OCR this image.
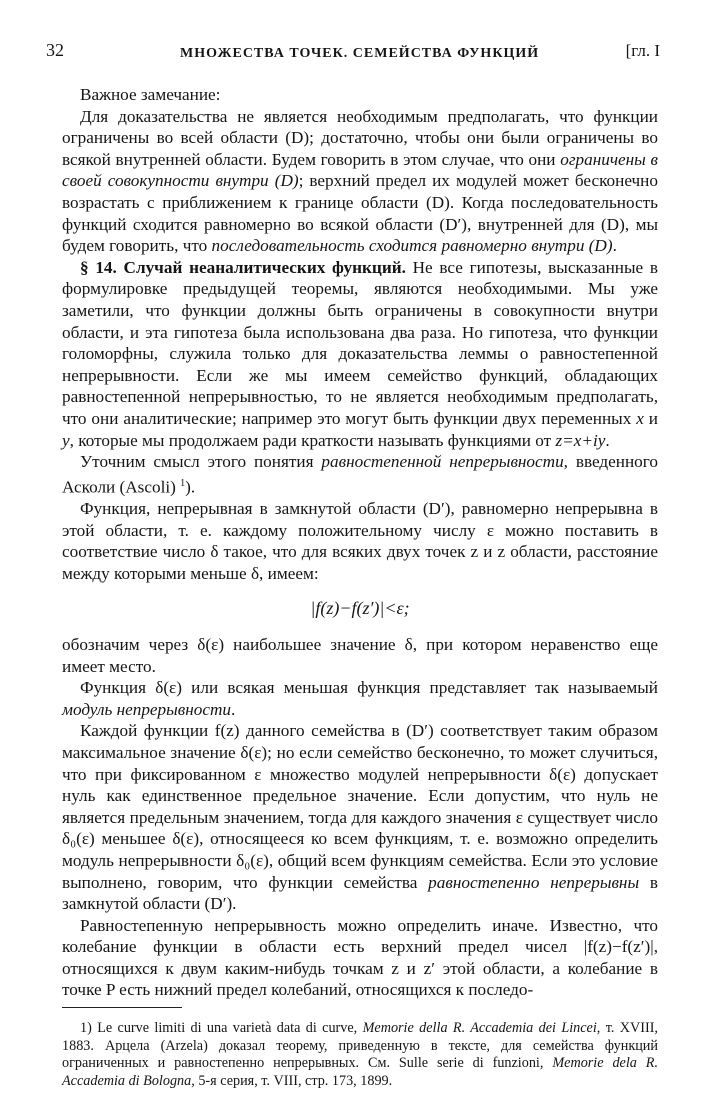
32	МНОЖЕСТВА ТОЧЕК. СЕМЕЙСТВА ФУНКЦИЙ	[гл. I

Важное замечание:

Для доказательства не является необходимым предполагать, что функции ограничены во всей области (D); достаточно, чтобы они были ограничены во всякой внутренней области. Будем говорить в этом случае, что они ограничены в своей совокупности внутри (D); верхний предел их модулей может бесконечно возрастать с приближением к границе области (D). Когда последовательность функций сходится равномерно во всякой области (D′), внутренней для (D), мы будем говорить, что последовательность сходится равномерно внутри (D).

§ 14. Случай неаналитических функций. Не все гипотезы, высказанные в формулировке предыдущей теоремы, являются необходимыми. Мы уже заметили, что функции должны быть ограничены в совокупности внутри области, и эта гипотеза была использована два раза. Но гипотеза, что функции голоморфны, служила только для доказательства леммы о равностепенной непрерывности. Если же мы имеем семейство функций, обладающих равностепенной непрерывностью, то не является необходимым предполагать, что они аналитические; например это могут быть функции двух переменных x и y, которые мы продолжаем ради краткости называть функциями от z=x+iy.

Уточним смысл этого понятия равностепенной непрерывности, введенного Асколи (Ascoli) $^1$).

Функция, непрерывная в замкнутой области (D′), равномерно непрерывна в этой области, т. е. каждому положительному числу ε можно поставить в соответствие число δ такое, что для всяких двух точек z и z области, расстояние между которыми меньше δ, имеем:

|f(z)−f(z′)|<ε;

обозначим через δ(ε) наибольшее значение δ, при котором неравенство еще имеет место.

Функция δ(ε) или всякая меньшая функция представляет так называемый модуль непрерывности.

Каждой функции f(z) данного семейства в (D′) соответствует таким образом максимальное значение δ(ε); но если семейство бесконечно, то может случиться, что при фиксированном ε множество модулей непрерывности δ(ε) допускает нуль как единственное предельное значение. Если допустим, что нуль не является предельным значением, тогда для каждого значения ε существует число δ₀(ε) меньшее δ(ε), относящееся ко всем функциям, т. е. возможно определить модуль непрерывности δ₀(ε), общий всем функциям семейства. Если это условие выполнено, говорим, что функции семейства равностепенно непрерывны в замкнутой области (D′).

Равностепенную непрерывность можно определить иначе. Известно, что колебание функции в области есть верхний предел чисел |f(z)−f(z′)|, относящихся к двум каким-нибудь точкам z и z′ этой области, а колебание в точке P есть нижний предел колебаний, относящихся к последо-

1) Le curve limiti di una varietà data di curve, Memorie della R. Accademia dei Lincei, т. XVIII, 1883. Арцела (Arzela) доказал теорему, приведенную в тексте, для семейства функций ограниченных и равностепенно непрерывных. См. Sulle serie di funzioni, Memorie dela R. Accademia di Bologna, 5-я серия, т. VIII, стр. 173, 1899.
